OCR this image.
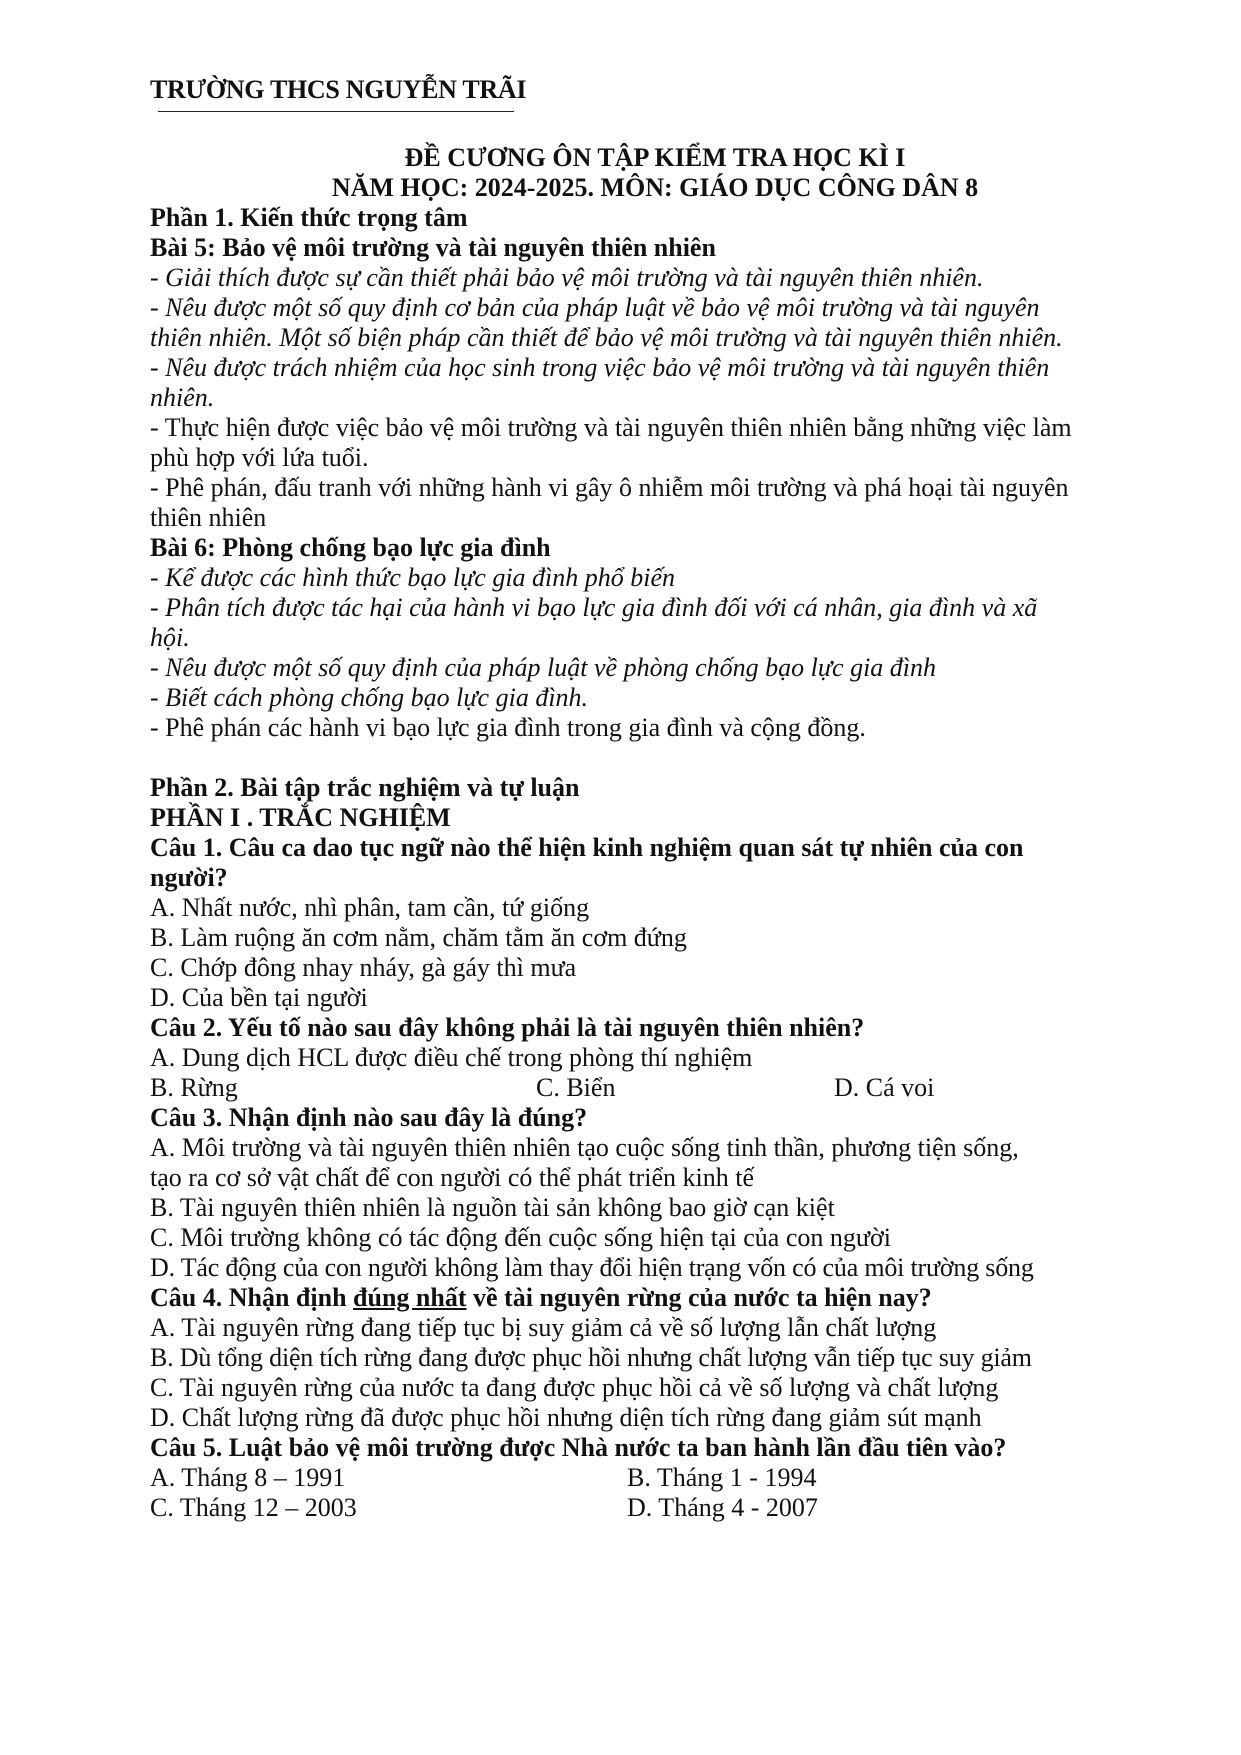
TRƯỜNG THCS NGUYỄN TRÃI
ĐỀ CƯƠNG ÔN TẬP KIỂM TRA HỌC KÌ I
NĂM HỌC: 2024-2025. MÔN: GIÁO DỤC CÔNG DÂN 8
Phần 1. Kiến thức trọng tâm
Bài 5: Bảo vệ môi trường và tài nguyên thiên nhiên
- Giải thích được sự cần thiết phải bảo vệ môi trường và tài nguyên thiên nhiên.
- Nêu được một số quy định cơ bản của pháp luật về bảo vệ môi trường và tài nguyên
thiên nhiên. Một số biện pháp cần thiết để bảo vệ môi trường và tài nguyên thiên nhiên.
- Nêu được trách nhiệm của học sinh trong việc bảo vệ môi trường và tài nguyên thiên
nhiên.
- Thực hiện được việc bảo vệ môi trường và tài nguyên thiên nhiên bằng những việc làm
phù hợp với lứa tuổi.
- Phê phán, đấu tranh với những hành vi gây ô nhiễm môi trường và phá hoại tài nguyên
thiên nhiên
Bài 6: Phòng chống bạo lực gia đình
- Kể được các hình thức bạo lực gia đình phổ biến
- Phân tích được tác hại của hành vi bạo lực gia đình đối với cá nhân, gia đình và xã
hội.
- Nêu được một số quy định của pháp luật về phòng chống bạo lực gia đình
- Biết cách phòng chống bạo lực gia đình.
- Phê phán các hành vi bạo lực gia đình trong gia đình và cộng đồng.
Phần 2. Bài tập trắc nghiệm và tự luận
PHẦN I . TRẮC NGHIỆM
Câu 1. Câu ca dao tục ngữ nào thể hiện kinh nghiệm quan sát tự nhiên của con
người?
A. Nhất nước, nhì phân, tam cần, tứ giống
B. Làm ruộng ăn cơm nằm, chăm tằm ăn cơm đứng
C. Chớp đông nhay nháy, gà gáy thì mưa
D. Của bền tại người
Câu 2. Yếu tố nào sau đây không phải là tài nguyên thiên nhiên?
A. Dung dịch HCL được điều chế trong phòng thí nghiệm
B. Rừng	C. Biển	D. Cá voi
Câu 3. Nhận định nào sau đây là đúng?
A. Môi trường và tài nguyên thiên nhiên tạo cuộc sống tinh thần, phương tiện sống,
tạo ra cơ sở vật chất để con người có thể phát triển kinh tế
B. Tài nguyên thiên nhiên là nguồn tài sản không bao giờ cạn kiệt
C. Môi trường không có tác động đến cuộc sống hiện tại của con người
D. Tác động của con người không làm thay đổi hiện trạng vốn có của môi trường sống
Câu 4. Nhận định đúng nhất về tài nguyên rừng của nước ta hiện nay?
A. Tài nguyên rừng đang tiếp tục bị suy giảm cả về số lượng lẫn chất lượng
B. Dù tổng diện tích rừng đang được phục hồi nhưng chất lượng vẫn tiếp tục suy giảm
C. Tài nguyên rừng của nước ta đang được phục hồi cả về số lượng và chất lượng
D. Chất lượng rừng đã được phục hồi nhưng diện tích rừng đang giảm sút mạnh
Câu 5. Luật bảo vệ môi trường được Nhà nước ta ban hành lần đầu tiên vào?
A. Tháng 8 – 1991	B. Tháng 1 - 1994
C. Tháng 12 – 2003	D. Tháng 4 - 2007
